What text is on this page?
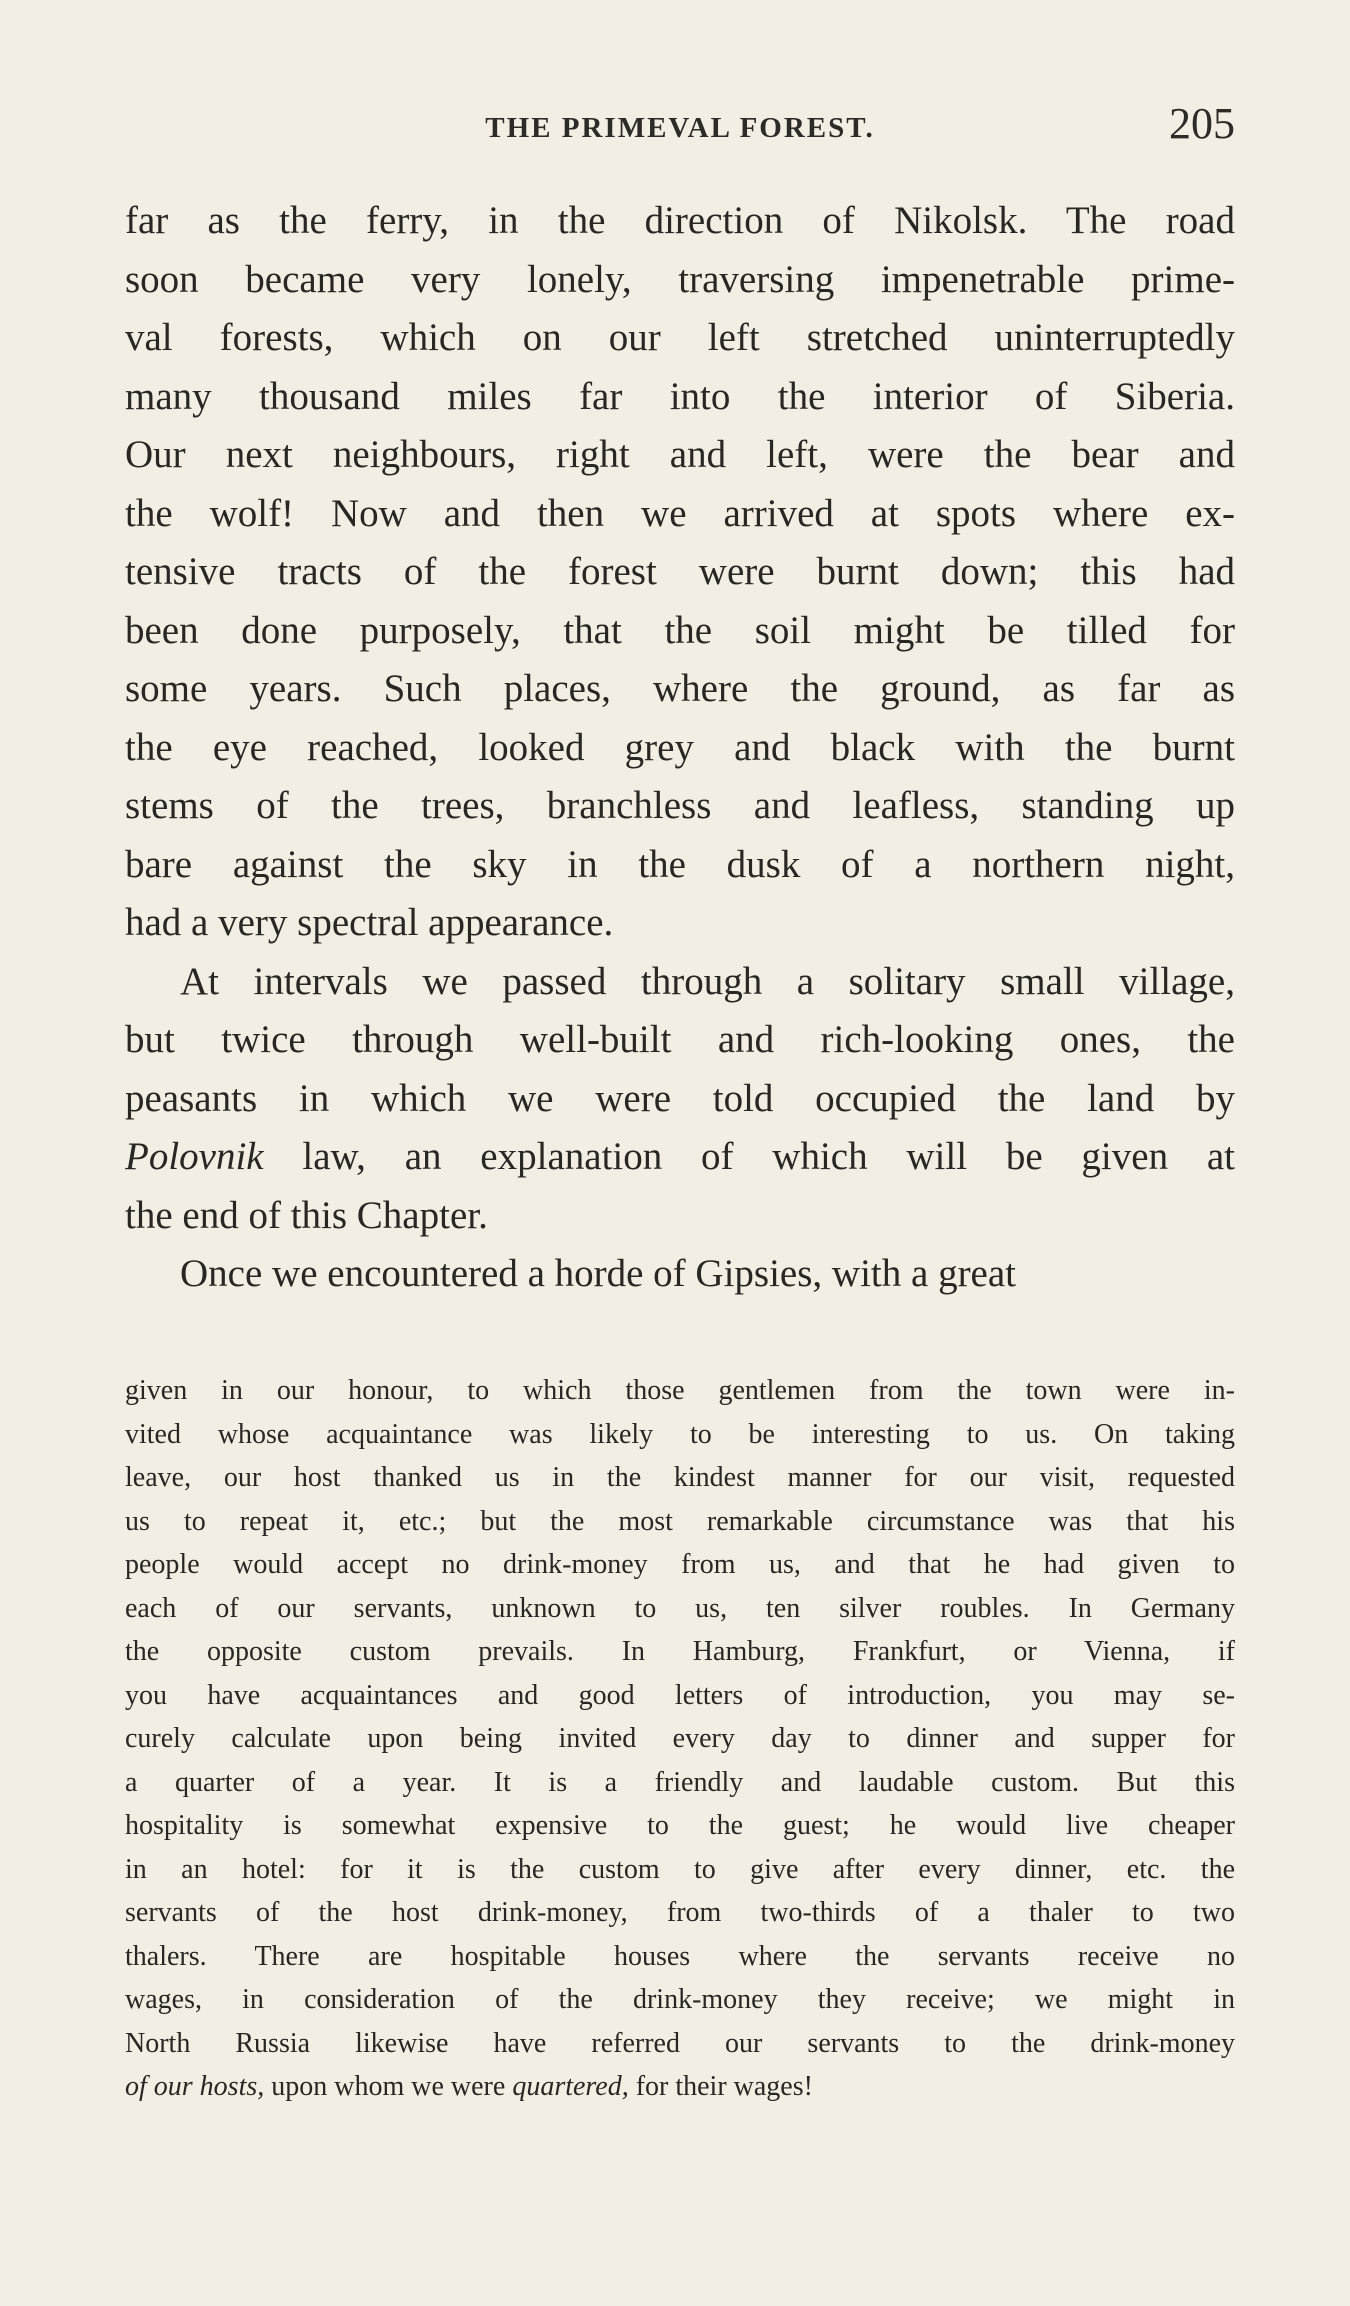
THE PRIMEVAL FOREST.	205
far as the ferry, in the direction of Nikolsk. The road
soon became very lonely, traversing impenetrable prime-
val forests, which on our left stretched uninterruptedly
many thousand miles far into the interior of Siberia.
Our next neighbours, right and left, were the bear and
the wolf! Now and then we arrived at spots where ex-
tensive tracts of the forest were burnt down; this had
been done purposely, that the soil might be tilled for
some years. Such places, where the ground, as far as
the eye reached, looked grey and black with the burnt
stems of the trees, branchless and leafless, standing up
bare against the sky in the dusk of a northern night,
had a very spectral appearance.
At intervals we passed through a solitary small village,
but twice through well-built and rich-looking ones, the
peasants in which we were told occupied the land by
Polovnik law, an explanation of which will be given at
the end of this Chapter.
Once we encountered a horde of Gipsies, with a great
given in our honour, to which those gentlemen from the town were in-
vited whose acquaintance was likely to be interesting to us. On taking
leave, our host thanked us in the kindest manner for our visit, requested
us to repeat it, etc.; but the most remarkable circumstance was that his
people would accept no drink-money from us, and that he had given to
each of our servants, unknown to us, ten silver roubles. In Germany
the opposite custom prevails. In Hamburg, Frankfurt, or Vienna, if
you have acquaintances and good letters of introduction, you may se-
curely calculate upon being invited every day to dinner and supper for
a quarter of a year. It is a friendly and laudable custom. But this
hospitality is somewhat expensive to the guest; he would live cheaper
in an hotel: for it is the custom to give after every dinner, etc. the
servants of the host drink-money, from two-thirds of a thaler to two
thalers. There are hospitable houses where the servants receive no
wages, in consideration of the drink-money they receive; we might in
North Russia likewise have referred our servants to the drink-money
of our hosts, upon whom we were quartered, for their wages!
